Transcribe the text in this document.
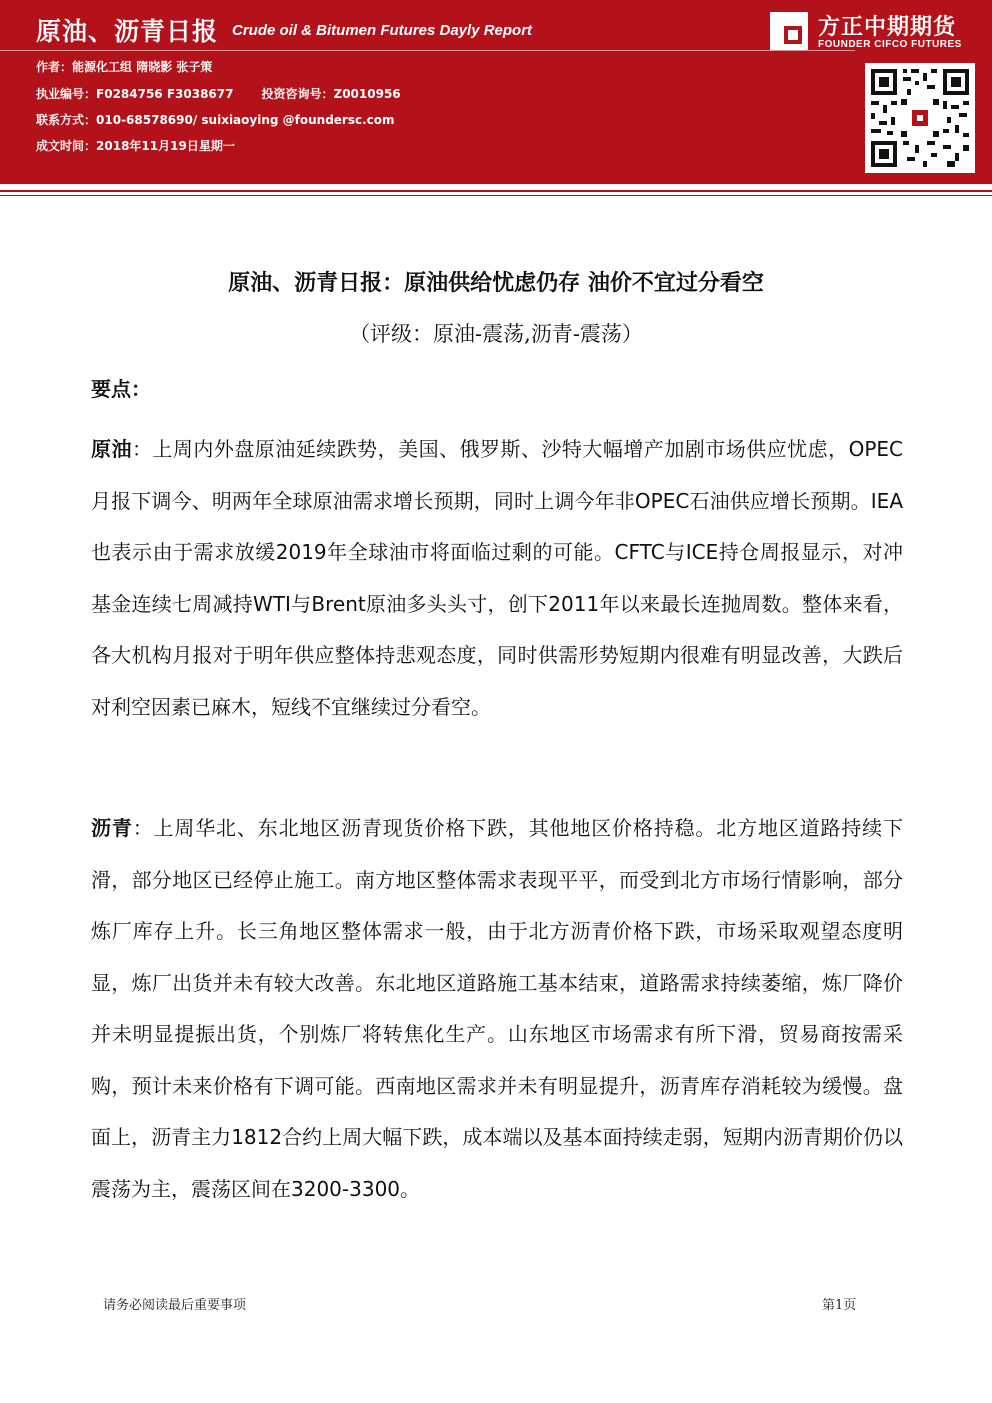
原油、沥青日报 Crude oil & Bitumen Futures Dayly Report
作者：能源化工组 隋晓影 张子策
执业编号：F0284756 F3038677 投资咨询号：Z0010956
联系方式：010-68578690/ suixiaoying @foundersc.com
成文时间：2018年11月19日星期一
方正中期期货
FOUNDER CIFCO FUTURES
原油、沥青日报：原油供给忧虑仍存 油价不宜过分看空
（评级：原油-震荡,沥青-震荡）
要点：
原油：上周内外盘原油延续跌势，美国、俄罗斯、沙特大幅增产加剧市场供应忧虑，OPEC月报下调今、明两年全球原油需求增长预期，同时上调今年非OPEC石油供应增长预期。IEA也表示由于需求放缓2019年全球油市将面临过剩的可能。CFTC与ICE持仓周报显示，对冲基金连续七周减持WTI与Brent原油多头头寸，创下2011年以来最长连抛周数。整体来看，各大机构月报对于明年供应整体持悲观态度，同时供需形势短期内很难有明显改善，大跌后对利空因素已麻木，短线不宜继续过分看空。
沥青：上周华北、东北地区沥青现货价格下跌，其他地区价格持稳。北方地区道路持续下滑，部分地区已经停止施工。南方地区整体需求表现平平，而受到北方市场行情影响，部分炼厂库存上升。长三角地区整体需求一般，由于北方沥青价格下跌，市场采取观望态度明显，炼厂出货并未有较大改善。东北地区道路施工基本结束，道路需求持续萎缩，炼厂降价并未明显提振出货，个别炼厂将转焦化生产。山东地区市场需求有所下滑，贸易商按需采购，预计未来价格有下调可能。西南地区需求并未有明显提升，沥青库存消耗较为缓慢。盘面上，沥青主力1812合约上周大幅下跌，成本端以及基本面持续走弱，短期内沥青期价仍以震荡为主，震荡区间在3200-3300。
请务必阅读最后重要事项	第1页
